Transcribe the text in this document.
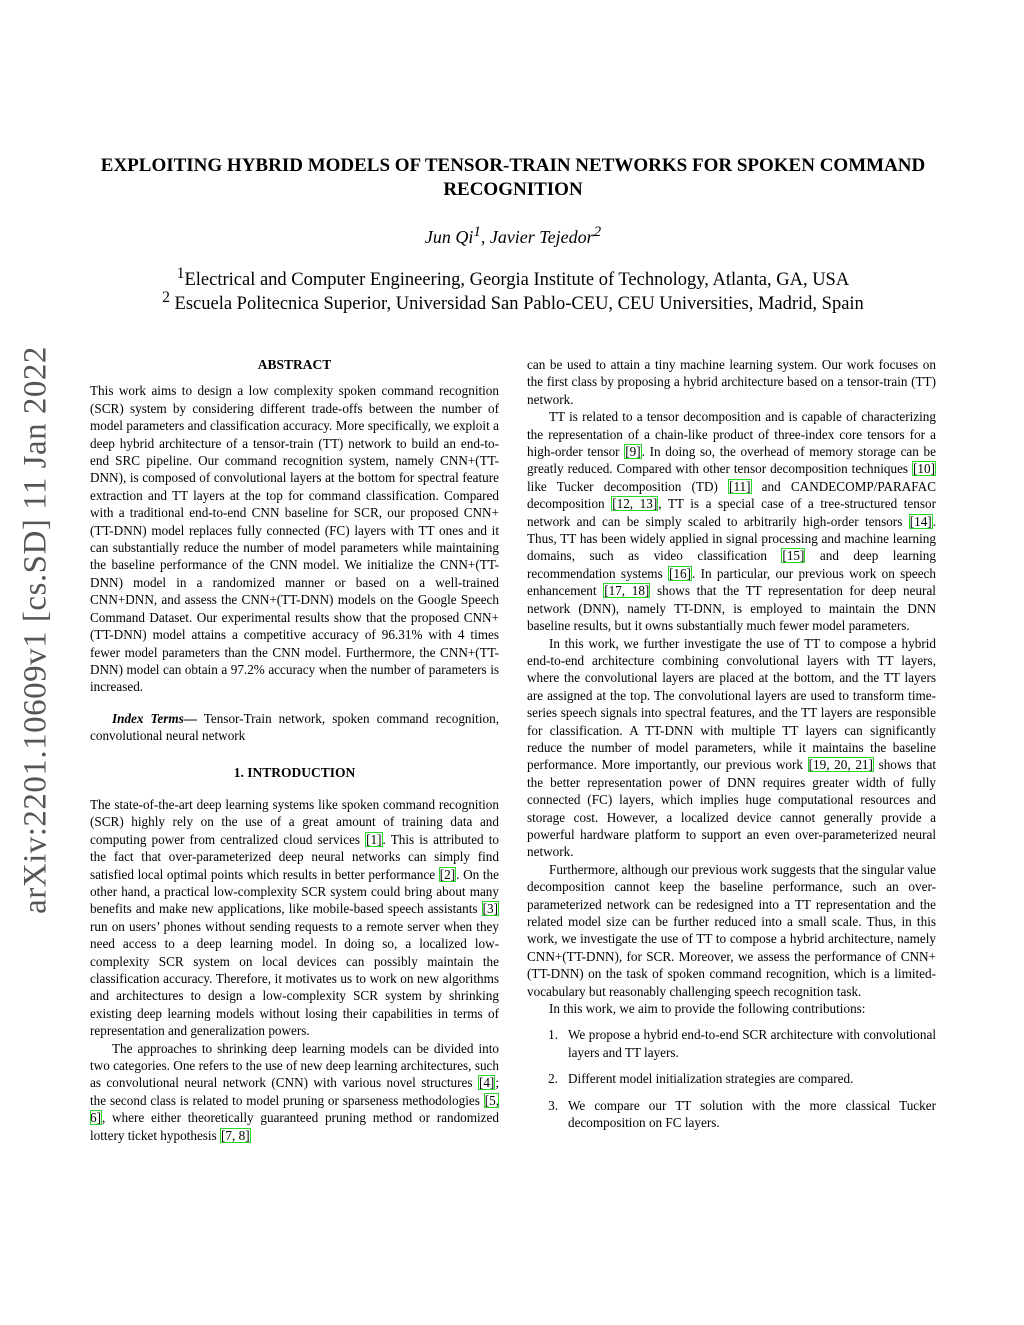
arXiv:2201.10609v1 [cs.SD] 11 Jan 2022
EXPLOITING HYBRID MODELS OF TENSOR-TRAIN NETWORKS FOR SPOKEN COMMAND RECOGNITION
Jun Qi$^1$, Javier Tejedor$^2$
$^1$Electrical and Computer Engineering, Georgia Institute of Technology, Atlanta, GA, USA
$^2$ Escuela Politecnica Superior, Universidad San Pablo-CEU, CEU Universities, Madrid, Spain

ABSTRACT

This work aims to design a low complexity spoken command recognition (SCR) system by considering different trade-offs between the number of model parameters and classification accuracy. More specifically, we exploit a deep hybrid architecture of a tensor-train (TT) network to build an end-to-end SRC pipeline. Our command recognition system, namely CNN+(TT-DNN), is composed of convolutional layers at the bottom for spectral feature extraction and TT layers at the top for command classification. Compared with a traditional end-to-end CNN baseline for SCR, our proposed CNN+(TT-DNN) model replaces fully connected (FC) layers with TT ones and it can substantially reduce the number of model parameters while maintaining the baseline performance of the CNN model. We initialize the CNN+(TT-DNN) model in a randomized manner or based on a well-trained CNN+DNN, and assess the CNN+(TT-DNN) models on the Google Speech Command Dataset. Our experimental results show that the proposed CNN+(TT-DNN) model attains a competitive accuracy of 96.31% with 4 times fewer model parameters than the CNN model. Furthermore, the CNN+(TT-DNN) model can obtain a 97.2% accuracy when the number of parameters is increased.

Index Terms— Tensor-Train network, spoken command recognition, convolutional neural network

1. INTRODUCTION

The state-of-the-art deep learning systems like spoken command recognition (SCR) highly rely on the use of a great amount of training data and computing power from centralized cloud services [1]. This is attributed to the fact that over-parameterized deep neural networks can simply find satisfied local optimal points which results in better performance [2]. On the other hand, a practical low-complexity SCR system could bring about many benefits and make new applications, like mobile-based speech assistants [3] run on users’ phones without sending requests to a remote server when they need access to a deep learning model. In doing so, a localized low-complexity SCR system on local devices can possibly maintain the classification accuracy. Therefore, it motivates us to work on new algorithms and architectures to design a low-complexity SCR system by shrinking existing deep learning models without losing their capabilities in terms of representation and generalization powers.

The approaches to shrinking deep learning models can be divided into two categories. One refers to the use of new deep learning architectures, such as convolutional neural network (CNN) with various novel structures [4]; the second class is related to model pruning or sparseness methodologies [5, 6], where either theoretically guaranteed pruning method or randomized lottery ticket hypothesis [7, 8]

can be used to attain a tiny machine learning system. Our work focuses on the first class by proposing a hybrid architecture based on a tensor-train (TT) network.

TT is related to a tensor decomposition and is capable of characterizing the representation of a chain-like product of three-index core tensors for a high-order tensor [9]. In doing so, the overhead of memory storage can be greatly reduced. Compared with other tensor decomposition techniques [10] like Tucker decomposition (TD) [11] and CANDECOMP/PARAFAC decomposition [12, 13], TT is a special case of a tree-structured tensor network and can be simply scaled to arbitrarily high-order tensors [14]. Thus, TT has been widely applied in signal processing and machine learning domains, such as video classification [15] and deep learning recommendation systems [16]. In particular, our previous work on speech enhancement [17, 18] shows that the TT representation for deep neural network (DNN), namely TT-DNN, is employed to maintain the DNN baseline results, but it owns substantially much fewer model parameters.

In this work, we further investigate the use of TT to compose a hybrid end-to-end architecture combining convolutional layers with TT layers, where the convolutional layers are placed at the bottom, and the TT layers are assigned at the top. The convolutional layers are used to transform time-series speech signals into spectral features, and the TT layers are responsible for classification. A TT-DNN with multiple TT layers can significantly reduce the number of model parameters, while it maintains the baseline performance. More importantly, our previous work [19, 20, 21] shows that the better representation power of DNN requires greater width of fully connected (FC) layers, which implies huge computational resources and storage cost. However, a localized device cannot generally provide a powerful hardware platform to support an even over-parameterized neural network.

Furthermore, although our previous work suggests that the singular value decomposition cannot keep the baseline performance, such an over-parameterized network can be redesigned into a TT representation and the related model size can be further reduced into a small scale. Thus, in this work, we investigate the use of TT to compose a hybrid architecture, namely CNN+(TT-DNN), for SCR. Moreover, we assess the performance of CNN+(TT-DNN) on the task of spoken command recognition, which is a limited-vocabulary but reasonably challenging speech recognition task.

In this work, we aim to provide the following contributions:

1. We propose a hybrid end-to-end SCR architecture with convolutional layers and TT layers.

2. Different model initialization strategies are compared.

3. We compare our TT solution with the more classical Tucker decomposition on FC layers.
